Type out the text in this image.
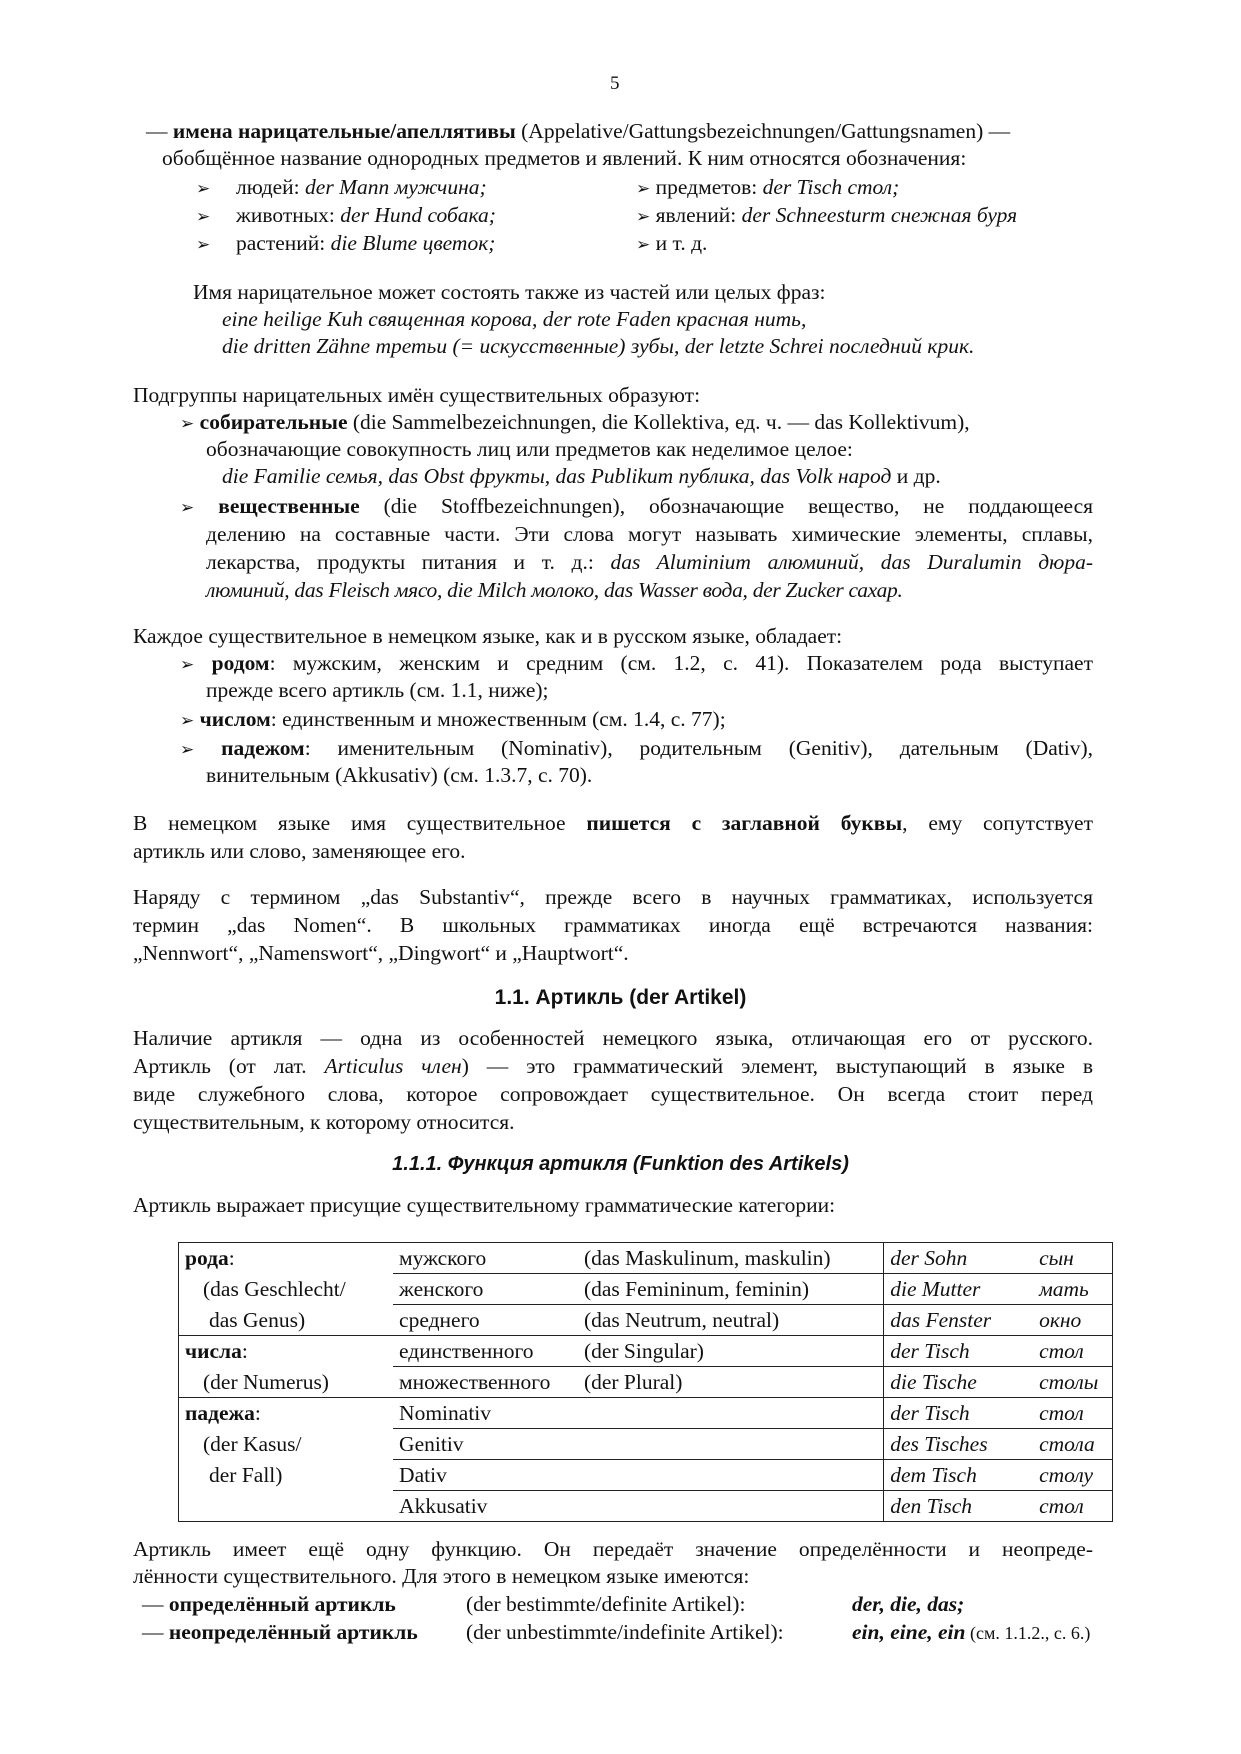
5
— имена нарицательные/апеллятивы (Appelative/Gattungsbezeichnungen/Gattungsnamen) —
обобщённое название однородных предметов и явлений. К ним относятся обозначения:
➢ людей: der Mann мужчина;
➢ животных: der Hund собака;
➢ растений: die Blume цветок;
➢ предметов: der Tisch стол;
➢ явлений: der Schneesturm снежная буря
➢ и т. д.
Имя нарицательное может состоять также из частей или целых фраз:
eine heilige Kuh священная корова, der rote Faden красная нить,
die dritten Zähne третьи (= искусственные) зубы, der letzte Schrei последний крик.
Подгруппы нарицательных имён существительных образуют:
➢ собирательные (die Sammelbezeichnungen, die Kollektiva, ед. ч. — das Kollektivum),
обозначающие совокупность лиц или предметов как неделимое целое:
die Familie семья, das Obst фрукты, das Publikum публика, das Volk народ и др.
➢ вещественные (die Stoffbezeichnungen), обозначающие вещество, не поддающееся
делению на составные части. Эти слова могут называть химические элементы, сплавы,
лекарства, продукты питания и т. д.: das Aluminium алюминий, das Duralumin дюра-
люминий, das Fleisch мясо, die Milch молоко, das Wasser вода, der Zucker сахар.
Каждое существительное в немецком языке, как и в русском языке, обладает:
➢ родом: мужским, женским и средним (см. 1.2, с. 41). Показателем рода выступает
прежде всего артикль (см. 1.1, ниже);
➢ числом: единственным и множественным (см. 1.4, с. 77);
➢ падежом: именительным (Nominativ), родительным (Genitiv), дательным (Dativ),
винительным (Akkusativ) (см. 1.3.7, с. 70).
В немецком языке имя существительное пишется с заглавной буквы, ему сопутствует
артикль или слово, заменяющее его.
Наряду с термином „das Substantiv“, прежде всего в научных грамматиках, используется
термин „das Nomen“. В школьных грамматиках иногда ещё встречаются названия:
„Nennwort“, „Namenswort“, „Dingwort“ и „Hauptwort“.
1.1. Артикль (der Artikel)
Наличие артикля — одна из особенностей немецкого языка, отличающая его от русского.
Артикль (от лат. Articulus член) — это грамматический элемент, выступающий в языке в
виде служебного слова, которое сопровождает существительное. Он всегда стоит перед
существительным, к которому относится.
1.1.1. Функция артикля (Funktion des Artikels)
Артикль выражает присущие существительному грамматические категории:
рода:	мужского	(das Maskulinum, maskulin)	der Sohn	сын
(das Geschlecht/	женского	(das Femininum, feminin)	die Mutter	мать
das Genus)	среднего	(das Neutrum, neutral)	das Fenster	окно
числа:	единственного	(der Singular)	der Tisch	стол
(der Numerus)	множественного	(der Plural)	die Tische	столы
падежа:	Nominativ		der Tisch	стол
(der Kasus/	Genitiv		des Tisches	стола
der Fall)	Dativ		dem Tisch	столу
	Akkusativ		den Tisch	стол
Артикль имеет ещё одну функцию. Он передаёт значение определённости и неопреде-
лённости существительного. Для этого в немецком языке имеются:
— определённый артикль	(der bestimmte/definite Artikel):	der, die, das;
— неопределённый артикль (der unbestimmte/indefinite Artikel):	ein, eine, ein (см. 1.1.2., с. 6.)
